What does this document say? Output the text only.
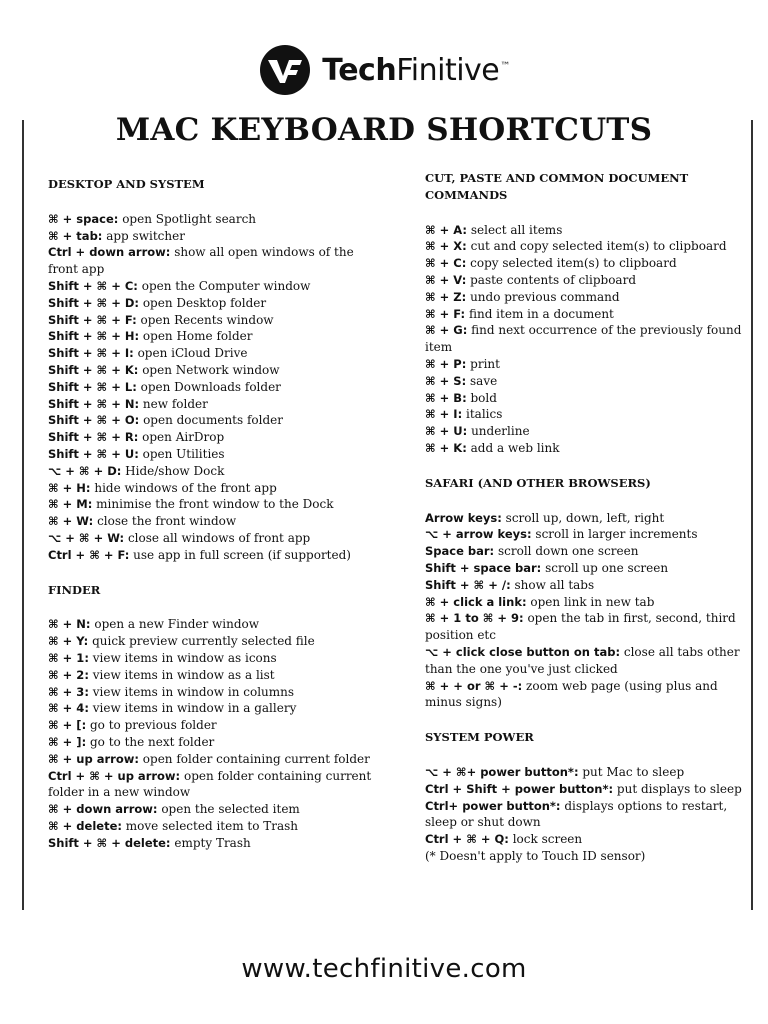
TechFinitive™
MAC KEYBOARD SHORTCUTS
DESKTOP AND SYSTEM
⌘ + space: open Spotlight search
⌘ + tab: app switcher
Ctrl + down arrow: show all open windows of the front app
Shift + ⌘ + C: open the Computer window
Shift + ⌘ + D: open Desktop folder
Shift + ⌘ + F: open Recents window
Shift + ⌘ + H: open Home folder
Shift + ⌘ + I: open iCloud Drive
Shift + ⌘ + K: open Network window
Shift + ⌘ + L: open Downloads folder
Shift + ⌘ + N: new folder
Shift + ⌘ + O: open documents folder
Shift + ⌘ + R: open AirDrop
Shift + ⌘ + U: open Utilities
⌥ + ⌘ + D: Hide/show Dock
⌘ + H: hide windows of the front app
⌘ + M: minimise the front window to the Dock
⌘ + W: close the front window
⌥ + ⌘ + W: close all windows of front app
Ctrl + ⌘ + F: use app in full screen (if supported)
FINDER
⌘ + N: open a new Finder window
⌘ + Y: quick preview currently selected file
⌘ + 1: view items in window as icons
⌘ + 2: view items in window as a list
⌘ + 3: view items in window in columns
⌘ + 4: view items in window in a gallery
⌘ + [: go to previous folder
⌘ + ]: go to the next folder
⌘ + up arrow: open folder containing current folder
Ctrl + ⌘ + up arrow: open folder containing current folder in a new window
⌘ + down arrow: open the selected item
⌘ + delete: move selected item to Trash
Shift + ⌘ + delete: empty Trash
CUT, PASTE AND COMMON DOCUMENT COMMANDS
⌘ + A: select all items
⌘ + X: cut and copy selected item(s) to clipboard
⌘ + C: copy selected item(s) to clipboard
⌘ + V: paste contents of clipboard
⌘ + Z: undo previous command
⌘ + F: find item in a document
⌘ + G: find next occurrence of the previously found item
⌘ + P: print
⌘ + S: save
⌘ + B: bold
⌘ + I: italics
⌘ + U: underline
⌘ + K: add a web link
SAFARI (AND OTHER BROWSERS)
Arrow keys: scroll up, down, left, right
⌥ + arrow keys: scroll in larger increments
Space bar: scroll down one screen
Shift + space bar: scroll up one screen
Shift + ⌘ + /: show all tabs
⌘ + click a link: open link in new tab
⌘ + 1 to ⌘ + 9: open the tab in first, second, third position etc
⌥ + click close button on tab: close all tabs other than the one you've just clicked
⌘ + + or ⌘ + -: zoom web page (using plus and minus signs)
SYSTEM POWER
⌥ + ⌘+ power button*: put Mac to sleep
Ctrl + Shift + power button*: put displays to sleep
Ctrl+ power button*: displays options to restart, sleep or shut down
Ctrl + ⌘ + Q: lock screen
(* Doesn't apply to Touch ID sensor)
www.techfinitive.com
